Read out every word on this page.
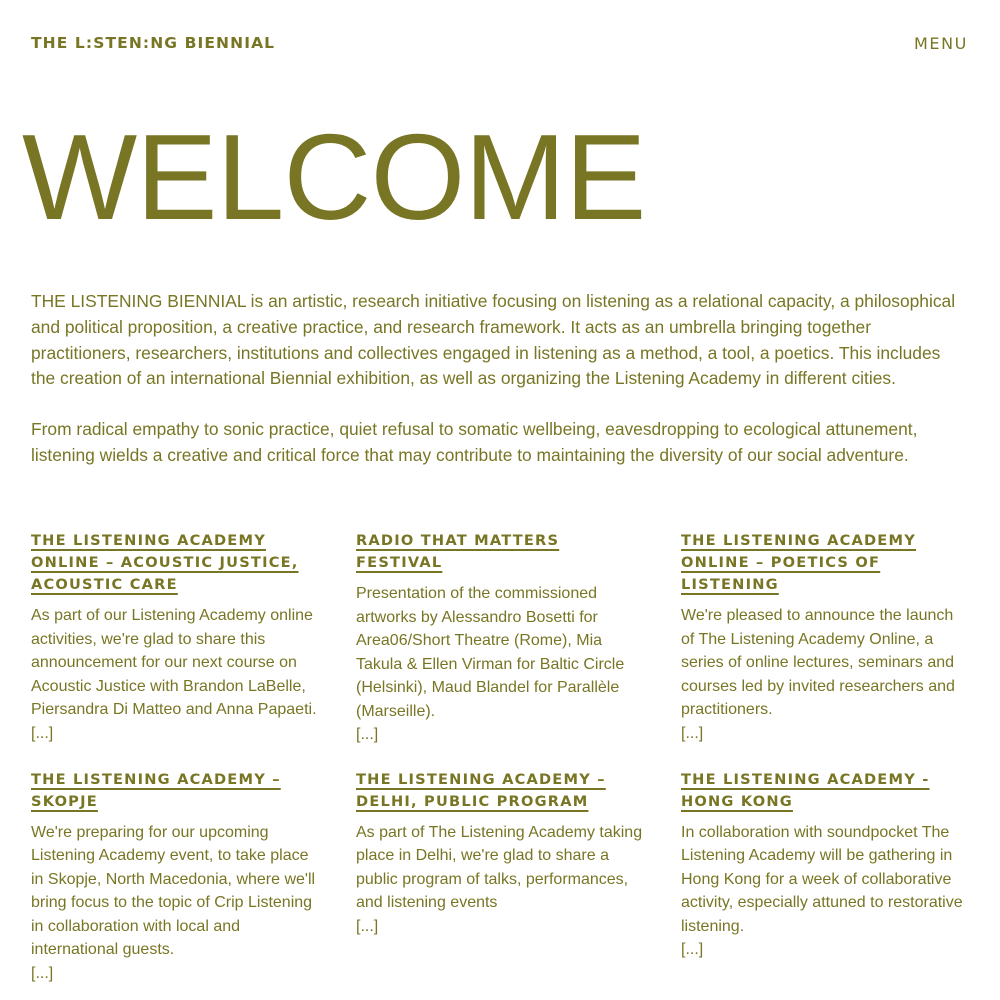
THE L:STEN:NG BIENNIAL	MENU
WELCOME

THE LISTENING BIENNIAL is an artistic, research initiative focusing on listening as a relational capacity, a philosophical and political proposition, a creative practice, and research framework. It acts as an umbrella bringing together practitioners, researchers, institutions and collectives engaged in listening as a method, a tool, a poetics. This includes the creation of an international Biennial exhibition, as well as organizing the Listening Academy in different cities.

From radical empathy to sonic practice, quiet refusal to somatic wellbeing, eavesdropping to ecological attunement, listening wields a creative and critical force that may contribute to maintaining the diversity of our social adventure.

THE LISTENING ACADEMY ONLINE – ACOUSTIC JUSTICE, ACOUSTIC CARE

As part of our Listening Academy online activities, we're glad to share this announcement for our next course on Acoustic Justice with Brandon LaBelle, Piersandra Di Matteo and Anna Papaeti.

[...]
RADIO THAT MATTERS FESTIVAL

Presentation of the commissioned artworks by Alessandro Bosetti for Area06/Short Theatre (Rome), Mia Takula & Ellen Virman for Baltic Circle (Helsinki), Maud Blandel for Parallèle (Marseille).

[...]
THE LISTENING ACADEMY ONLINE – POETICS OF LISTENING

We're pleased to announce the launch of The Listening Academy Online, a series of online lectures, seminars and courses led by invited researchers and practitioners.

[...]
THE LISTENING ACADEMY – SKOPJE

We're preparing for our upcoming Listening Academy event, to take place in Skopje, North Macedonia, where we'll bring focus to the topic of Crip Listening in collaboration with local and international guests.

[...]
THE LISTENING ACADEMY – DELHI, PUBLIC PROGRAM

As part of The Listening Academy taking place in Delhi, we're glad to share a public program of talks, performances, and listening events

[...]
THE LISTENING ACADEMY - HONG KONG

In collaboration with soundpocket The Listening Academy will be gathering in Hong Kong for a week of collaborative activity, especially attuned to restorative listening.

[...]
